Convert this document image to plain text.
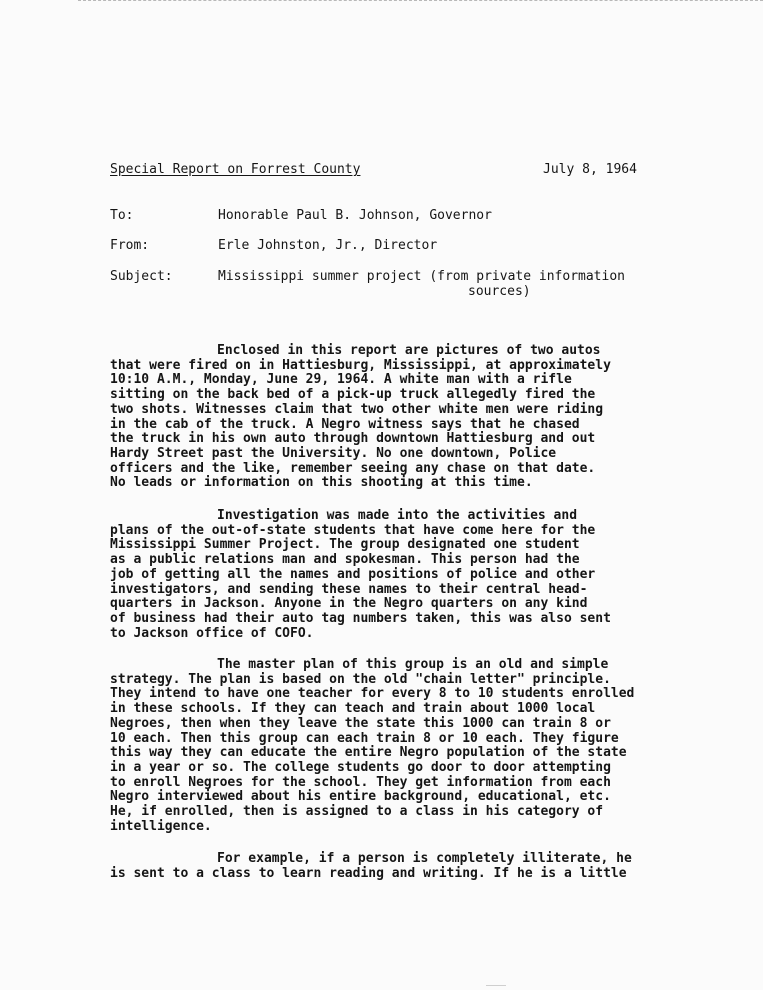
Special Report on Forrest County	July 8, 1964
To:	Honorable Paul B. Johnson, Governor
From:	Erle Johnston, Jr., Director
Subject:	Mississippi summer project (from private information
sources)
Enclosed in this report are pictures of two autos
that were fired on in Hattiesburg, Mississippi, at approximately
10:10 A.M., Monday, June 29, 1964. A white man with a rifle
sitting on the back bed of a pick-up truck allegedly fired the
two shots. Witnesses claim that two other white men were riding
in the cab of the truck. A Negro witness says that he chased
the truck in his own auto through downtown Hattiesburg and out
Hardy Street past the University. No one downtown, Police
officers and the like, remember seeing any chase on that date.
No leads or information on this shooting at this time.
Investigation was made into the activities and
plans of the out-of-state students that have come here for the
Mississippi Summer Project. The group designated one student
as a public relations man and spokesman. This person had the
job of getting all the names and positions of police and other
investigators, and sending these names to their central head-
quarters in Jackson. Anyone in the Negro quarters on any kind
of business had their auto tag numbers taken, this was also sent
to Jackson office of COFO.
The master plan of this group is an old and simple
strategy. The plan is based on the old "chain letter" principle.
They intend to have one teacher for every 8 to 10 students enrolled
in these schools. If they can teach and train about 1000 local
Negroes, then when they leave the state this 1000 can train 8 or
10 each. Then this group can each train 8 or 10 each. They figure
this way they can educate the entire Negro population of the state
in a year or so. The college students go door to door attempting
to enroll Negroes for the school. They get information from each
Negro interviewed about his entire background, educational, etc.
He, if enrolled, then is assigned to a class in his category of
intelligence.
For example, if a person is completely illiterate, he
is sent to a class to learn reading and writing. If he is a little
